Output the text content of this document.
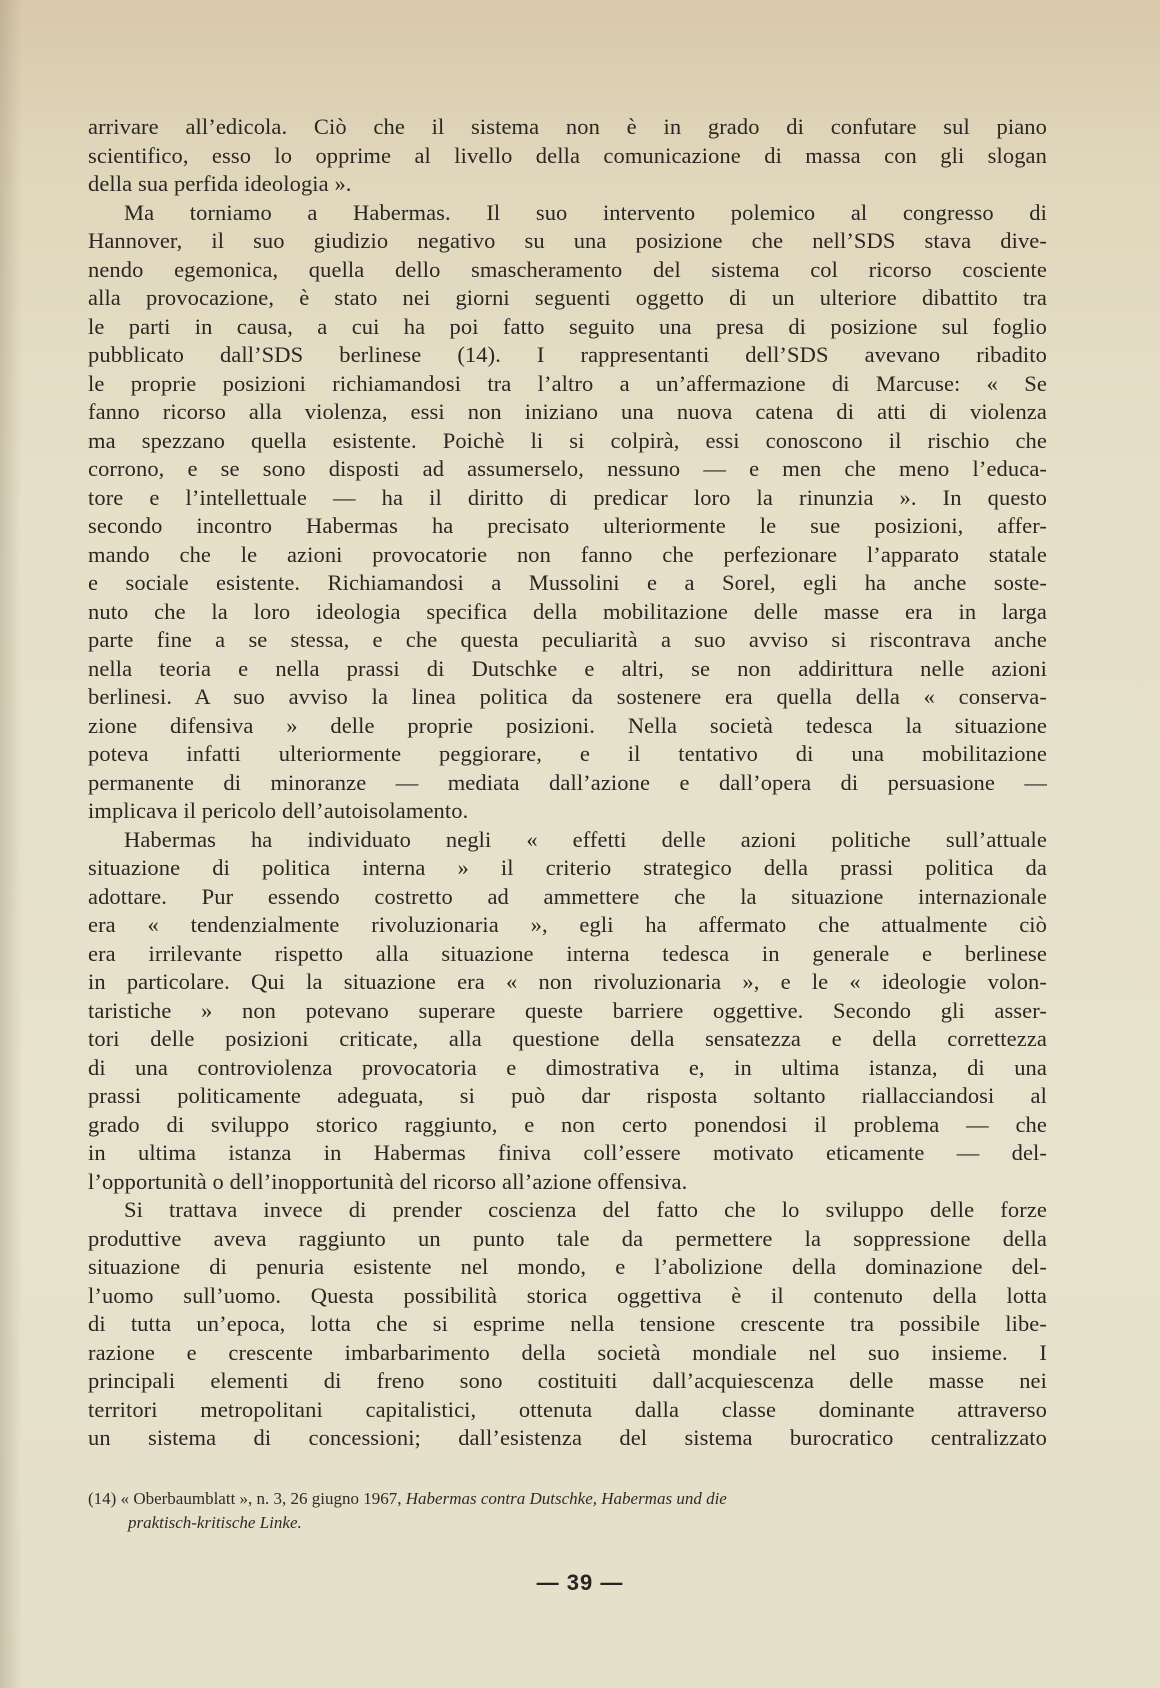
arrivare all’edicola. Ciò che il sistema non è in grado di confutare sul piano
scientifico, esso lo opprime al livello della comunicazione di massa con gli slogan
della sua perfida ideologia ».
Ma torniamo a Habermas. Il suo intervento polemico al congresso di
Hannover, il suo giudizio negativo su una posizione che nell’SDS stava dive-
nendo egemonica, quella dello smascheramento del sistema col ricorso cosciente
alla provocazione, è stato nei giorni seguenti oggetto di un ulteriore dibattito tra
le parti in causa, a cui ha poi fatto seguito una presa di posizione sul foglio
pubblicato dall’SDS berlinese (14). I rappresentanti dell’SDS avevano ribadito
le proprie posizioni richiamandosi tra l’altro a un’affermazione di Marcuse: « Se
fanno ricorso alla violenza, essi non iniziano una nuova catena di atti di violenza
ma spezzano quella esistente. Poichè li si colpirà, essi conoscono il rischio che
corrono, e se sono disposti ad assumerselo, nessuno — e men che meno l’educa-
tore e l’intellettuale — ha il diritto di predicar loro la rinunzia ». In questo
secondo incontro Habermas ha precisato ulteriormente le sue posizioni, affer-
mando che le azioni provocatorie non fanno che perfezionare l’apparato statale
e sociale esistente. Richiamandosi a Mussolini e a Sorel, egli ha anche soste-
nuto che la loro ideologia specifica della mobilitazione delle masse era in larga
parte fine a se stessa, e che questa peculiarità a suo avviso si riscontrava anche
nella teoria e nella prassi di Dutschke e altri, se non addirittura nelle azioni
berlinesi. A suo avviso la linea politica da sostenere era quella della « conserva-
zione difensiva » delle proprie posizioni. Nella società tedesca la situazione
poteva infatti ulteriormente peggiorare, e il tentativo di una mobilitazione
permanente di minoranze — mediata dall’azione e dall’opera di persuasione —
implicava il pericolo dell’autoisolamento.
Habermas ha individuato negli « effetti delle azioni politiche sull’attuale
situazione di politica interna » il criterio strategico della prassi politica da
adottare. Pur essendo costretto ad ammettere che la situazione internazionale
era « tendenzialmente rivoluzionaria », egli ha affermato che attualmente ciò
era irrilevante rispetto alla situazione interna tedesca in generale e berlinese
in particolare. Qui la situazione era « non rivoluzionaria », e le « ideologie volon-
taristiche » non potevano superare queste barriere oggettive. Secondo gli asser-
tori delle posizioni criticate, alla questione della sensatezza e della correttezza
di una controviolenza provocatoria e dimostrativa e, in ultima istanza, di una
prassi politicamente adeguata, si può dar risposta soltanto riallacciandosi al
grado di sviluppo storico raggiunto, e non certo ponendosi il problema — che
in ultima istanza in Habermas finiva coll’essere motivato eticamente — del-
l’opportunità o dell’inopportunità del ricorso all’azione offensiva.
Si trattava invece di prender coscienza del fatto che lo sviluppo delle forze
produttive aveva raggiunto un punto tale da permettere la soppressione della
situazione di penuria esistente nel mondo, e l’abolizione della dominazione del-
l’uomo sull’uomo. Questa possibilità storica oggettiva è il contenuto della lotta
di tutta un’epoca, lotta che si esprime nella tensione crescente tra possibile libe-
razione e crescente imbarbarimento della società mondiale nel suo insieme. I
principali elementi di freno sono costituiti dall’acquiescenza delle masse nei
territori metropolitani capitalistici, ottenuta dalla classe dominante attraverso
un sistema di concessioni; dall’esistenza del sistema burocratico centralizzato
(14) « Oberbaumblatt », n. 3, 26 giugno 1967, Habermas contra Dutschke, Habermas und die
praktisch-kritische Linke.
— 39 —
